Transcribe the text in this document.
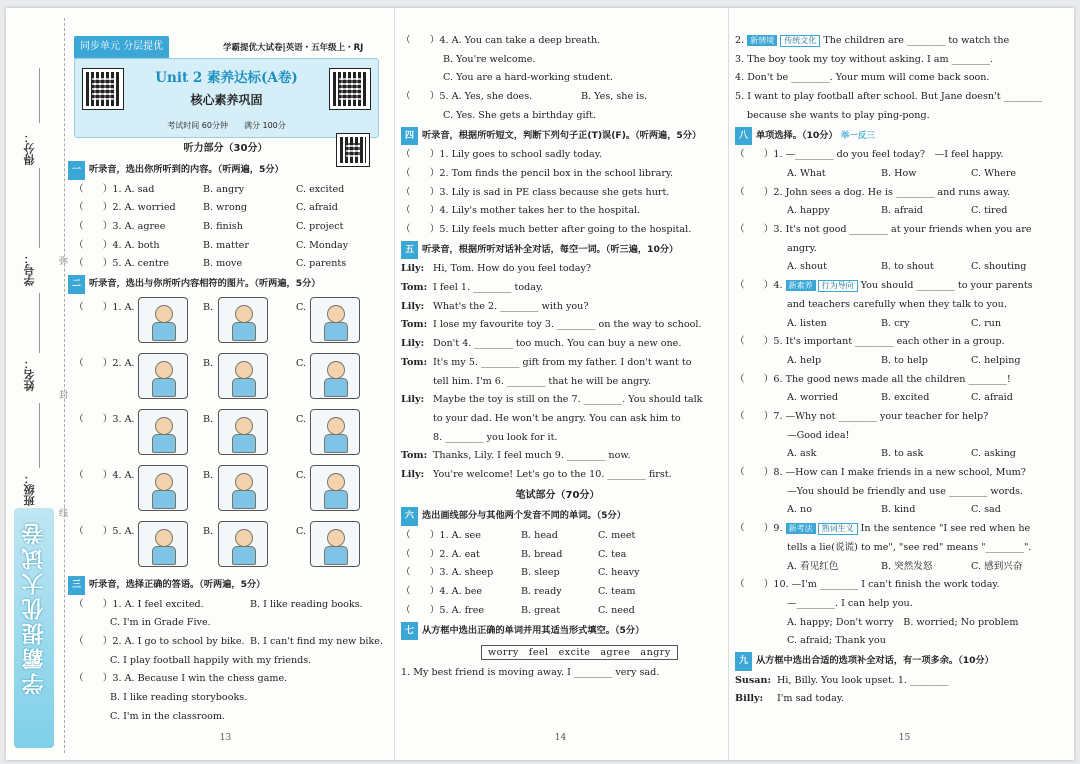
得分：
学号：
姓名：
班级：
弥
封
线
学霸提优大试卷
同步单元 分层提优	学霸提优大试卷|英语・五年级上・RJ
Unit 2 素养达标(A卷)
核心素养巩固
考试时间 60分钟　　 满分 100分
听力部分（30分）
一 听录音，选出你所听到的内容。（听两遍，5分）
（　　）1. A. sad	B. angry	C. excited
（　　）2. A. worried	B. wrong	C. afraid
（　　）3. A. agree	B. finish	C. project
（　　）4. A. both	B. matter	C. Monday
（　　）5. A. centre	B. move	C. parents
二 听录音，选出与你所听内容相符的图片。（听两遍，5分）
（　　）1. A.	B.	C.
（　　）2. A.	B.	C.
（　　）3. A.	B.	C.
（　　）4. A.	B.	C.
（　　）5. A.	B.	C.
三 听录音，选择正确的答语。（听两遍，5分）
（　　）1. A. I feel excited.	B. I like reading books.
C. I'm in Grade Five.
（　　）2. A. I go to school by bike. B. I can't find my new bike.
C. I play football happily with my friends.
（　　）3. A. Because I win the chess game.
B. I like reading storybooks.
C. I'm in the classroom.
13
（　　）4. A. You can take a deep breath.
B. You're welcome.
C. You are a hard-working student.
（　　）5. A. Yes, she does.	B. Yes, she is.
C. Yes. She gets a birthday gift.
四 听录音，根据所听短文，判断下列句子正(T)误(F)。（听两遍，5分）
（　　）1. Lily goes to school sadly today.
（　　）2. Tom finds the pencil box in the school library.
（　　）3. Lily is sad in PE class because she gets hurt.
（　　）4. Lily's mother takes her to the hospital.
（　　）5. Lily feels much better after going to the hospital.
五 听录音，根据所听对话补全对话，每空一词。（听三遍，10分）
Lily: Hi, Tom. How do you feel today?
Tom: I feel 1. ________ today.
Lily: What's the 2. ________ with you?
Tom: I lose my favourite toy 3. ________ on the way to school.
Lily: Don't 4. ________ too much. You can buy a new one.
Tom: It's my 5. ________ gift from my father. I don't want to
tell him. I'm 6. ________ that he will be angry.
Lily: Maybe the toy is still on the 7. ________. You should talk
to your dad. He won't be angry. You can ask him to
8. ________ you look for it.
Tom: Thanks, Lily. I feel much 9. ________ now.
Lily: You're welcome! Let's go to the 10. ________ first.
笔试部分（70分）
六 选出画线部分与其他两个发音不同的单词。（5分）
（　　）1. A. see	B. head	C. meet
（　　）2. A. eat	B. bread	C. tea
（　　）3. A. sheep	B. sleep	C. heavy
（　　）4. A. bee	B. ready	C. team
（　　）5. A. free	B. great	C. need
七 从方框中选出正确的单词并用其适当形式填空。（5分）
worry　feel　excite　agree　angry
1. My best friend is moving away. I ________ very sad.
14
2. 新情境 传统文化 The children are ________ to watch the
3. The boy took my toy without asking. I am ________.
4. Don't be ________. Your mum will come back soon.
5. I want to play football after school. But Jane doesn't ________
because she wants to play ping-pong.
八 单项选择。（10分） 举一反三
（　　）1. —________ do you feel today?　—I feel happy.
A. What	B. How	C. Where
（　　）2. John sees a dog. He is ________ and runs away.
A. happy	B. afraid	C. tired
（　　）3. It's not good ________ at your friends when you are
angry.
A. shout	B. to shout	C. shouting
（　　）4. 新素养 行为导向 You should ________ to your parents
and teachers carefully when they talk to you.
A. listen	B. cry	C. run
（　　）5. It's important ________ each other in a group.
A. help	B. to help	C. helping
（　　）6. The good news made all the children ________!
A. worried	B. excited	C. afraid
（　　）7. —Why not ________ your teacher for help?
—Good idea!
A. ask	B. to ask	C. asking
（　　）8. —How can I make friends in a new school, Mum?
—You should be friendly and use ________ words.
A. no	B. kind	C. sad
（　　）9. 新考法 熟词生义 In the sentence "I see red when he
tells a lie(说谎) to me", "see red" means "________".
A. 看见红色	B. 突然发怒	C. 感到兴奋
（　　）10. —I'm ________ I can't finish the work today.
—________. I can help you.
A. happy; Don't worry　B. worried; No problem
C. afraid; Thank you
九 从方框中选出合适的选项补全对话，有一项多余。（10分）
Susan: Hi, Billy. You look upset. 1. ________
Billy: I'm sad today.
15
